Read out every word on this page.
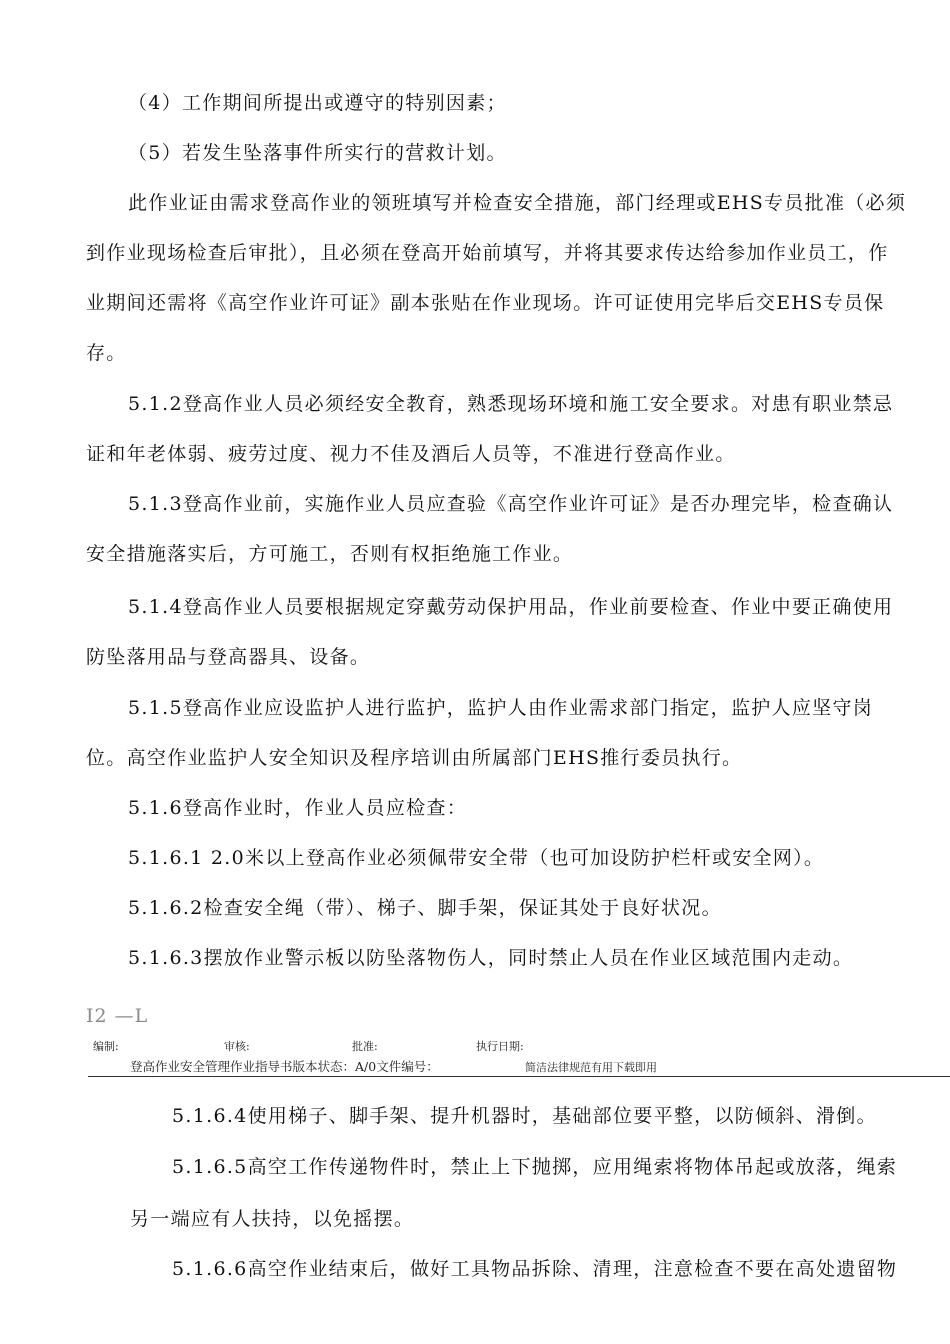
（4）工作期间所提出或遵守的特别因素；
（5）若发生坠落事件所实行的营救计划。
此作业证由需求登高作业的领班填写并检查安全措施，部门经理或EHS专员批准（必须
到作业现场检查后审批），且必须在登高开始前填写，并将其要求传达给参加作业员工，作
业期间还需将《高空作业许可证》副本张贴在作业现场。许可证使用完毕后交EHS专员保
存。
5.1.2登高作业人员必须经安全教育，熟悉现场环境和施工安全要求。对患有职业禁忌
证和年老体弱、疲劳过度、视力不佳及酒后人员等，不准进行登高作业。
5.1.3登高作业前，实施作业人员应查验《高空作业许可证》是否办理完毕，检查确认
安全措施落实后，方可施工，否则有权拒绝施工作业。
5.1.4登高作业人员要根据规定穿戴劳动保护用品，作业前要检查、作业中要正确使用
防坠落用品与登高器具、设备。
5.1.5登高作业应设监护人进行监护，监护人由作业需求部门指定，监护人应坚守岗
位。高空作业监护人安全知识及程序培训由所属部门EHS推行委员执行。
5.1.6登高作业时，作业人员应检查：
5.1.6.1 2.0米以上登高作业必须佩带安全带（也可加设防护栏杆或安全网）。
5.1.6.2检查安全绳（带）、梯子、脚手架，保证其处于良好状况。
5.1.6.3摆放作业警示板以防坠落物伤人，同时禁止人员在作业区域范围内走动。
I2 —L
编制:	审核:	批准:	执行日期:
登高作业安全管理作业指导书版本状态：A/0文件编号：	简洁法律规范有用下载即用
5.1.6.4使用梯子、脚手架、提升机器时，基础部位要平整，以防倾斜、滑倒。
5.1.6.5高空工作传递物件时，禁止上下抛掷，应用绳索将物体吊起或放落，绳索
另一端应有人扶持，以免摇摆。
5.1.6.6高空作业结束后，做好工具物品拆除、清理，注意检查不要在高处遗留物
